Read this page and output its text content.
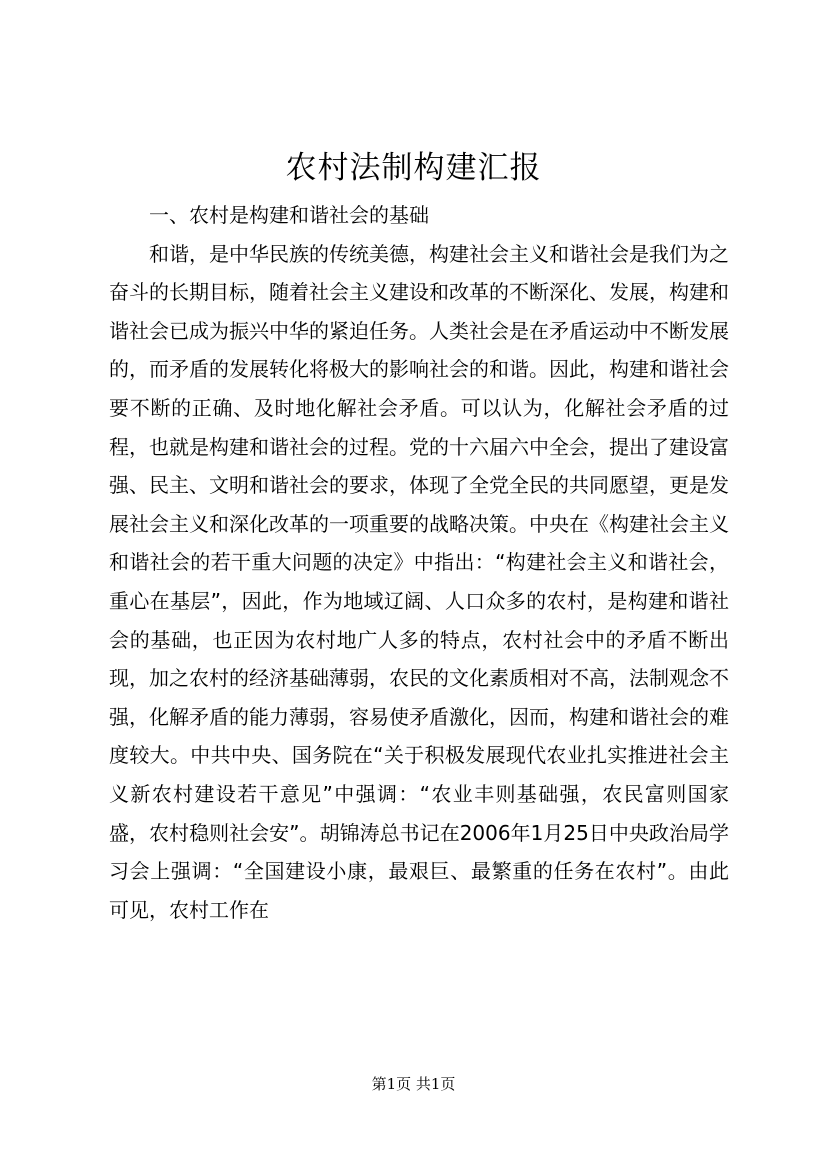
农村法制构建汇报

一、农村是构建和谐社会的基础

和谐，是中华民族的传统美德，构建社会主义和谐社会是我们为之奋斗的长期目标，随着社会主义建设和改革的不断深化、发展，构建和谐社会已成为振兴中华的紧迫任务。人类社会是在矛盾运动中不断发展的，而矛盾的发展转化将极大的影响社会的和谐。因此，构建和谐社会要不断的正确、及时地化解社会矛盾。可以认为，化解社会矛盾的过程，也就是构建和谐社会的过程。党的十六届六中全会，提出了建设富强、民主、文明和谐社会的要求，体现了全党全民的共同愿望，更是发展社会主义和深化改革的一项重要的战略决策。中央在《构建社会主义和谐社会的若干重大问题的决定》中指出：“构建社会主义和谐社会，重心在基层”，因此，作为地域辽阔、人口众多的农村，是构建和谐社会的基础，也正因为农村地广人多的特点，农村社会中的矛盾不断出现，加之农村的经济基础薄弱，农民的文化素质相对不高，法制观念不强，化解矛盾的能力薄弱，容易使矛盾激化，因而，构建和谐社会的难度较大。中共中央、国务院在“关于积极发展现代农业扎实推进社会主义新农村建设若干意见”中强调：“农业丰则基础强，农民富则国家盛，农村稳则社会安”。胡锦涛总书记在2006年1月25日中央政治局学习会上强调：“全国建设小康，最艰巨、最繁重的任务在农村”。由此可见，农村工作在

第1页 共1页
